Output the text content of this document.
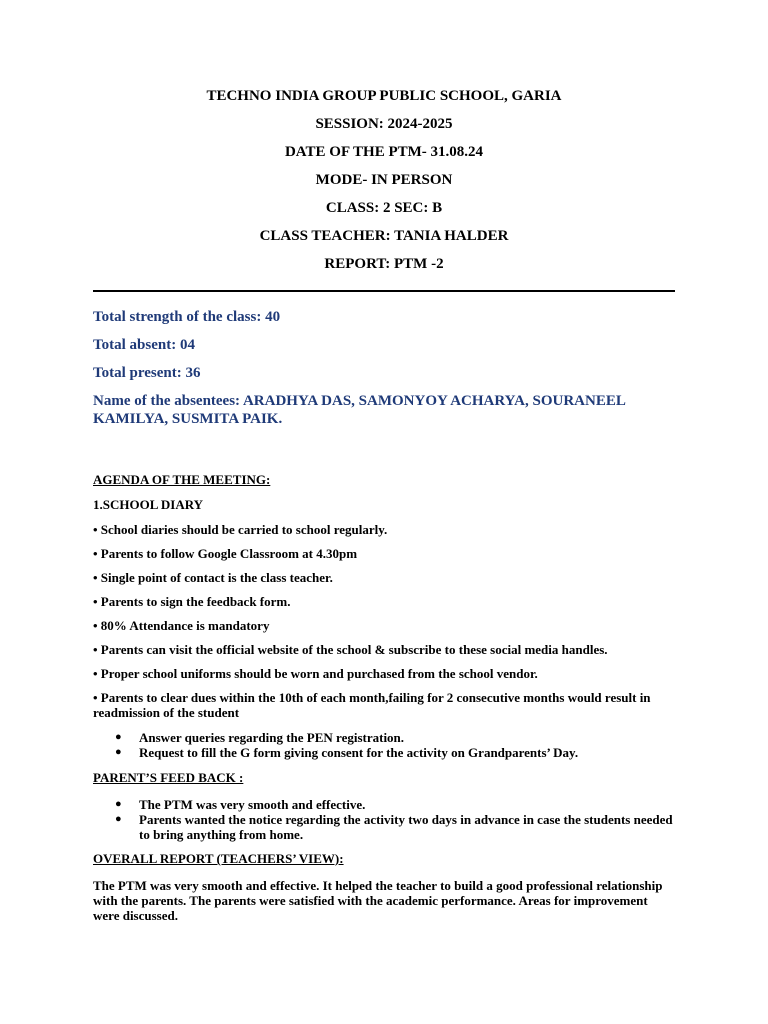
TECHNO INDIA GROUP PUBLIC SCHOOL, GARIA
SESSION: 2024-2025
DATE OF THE PTM- 31.08.24
MODE- IN PERSON
CLASS: 2 SEC: B
CLASS TEACHER: TANIA HALDER
REPORT: PTM -2
Total strength of the class: 40
Total absent: 04
Total present: 36
Name of the absentees: ARADHYA DAS, SAMONYOY ACHARYA, SOURANEEL KAMILYA, SUSMITA PAIK.
AGENDA OF THE MEETING:
1.SCHOOL DIARY
• School diaries should be carried to school regularly.
• Parents to follow Google Classroom at 4.30pm
• Single point of contact is the class teacher.
• Parents to sign the feedback form.
• 80% Attendance is mandatory
• Parents can visit the official website of the school & subscribe to these social media handles.
• Proper school uniforms should be worn and purchased from the school vendor.
• Parents to clear dues within the 10th of each month,failing for 2 consecutive months would result in readmission of the student
● Answer queries regarding the PEN registration.
● Request to fill the G form giving consent for the activity on Grandparents’ Day.
PARENT’S FEED BACK :
● The PTM was very smooth and effective.
● Parents wanted the notice regarding the activity two days in advance in case the students needed to bring anything from home.
OVERALL REPORT (TEACHERS’ VIEW):
The PTM was very smooth and effective. It helped the teacher to build a good professional relationship with the parents. The parents were satisfied with the academic performance. Areas for improvement were discussed.
